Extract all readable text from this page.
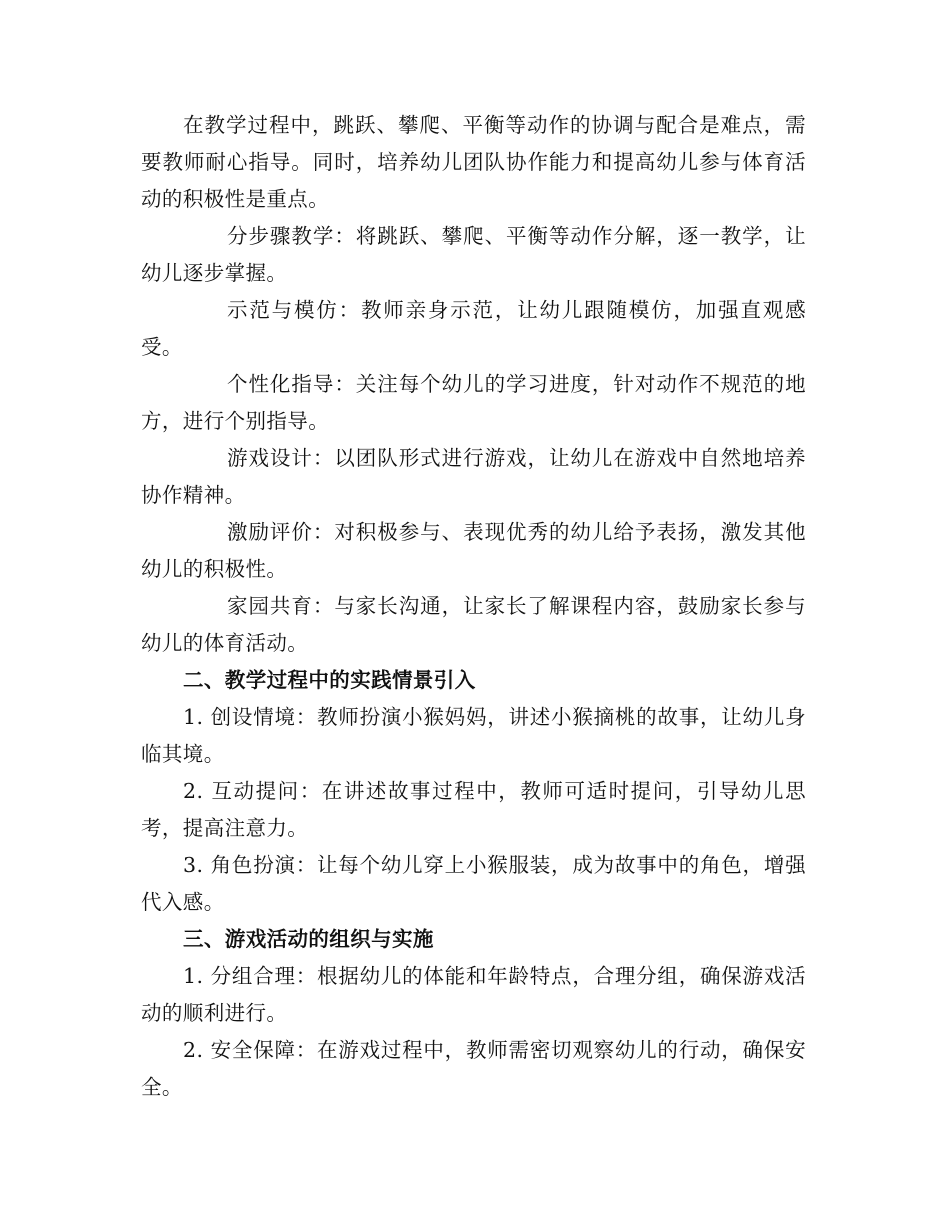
在教学过程中，跳跃、攀爬、平衡等动作的协调与配合是难点，需要教师耐心指导。同时，培养幼儿团队协作能力和提高幼儿参与体育活动的积极性是重点。

分步骤教学：将跳跃、攀爬、平衡等动作分解，逐一教学，让幼儿逐步掌握。

示范与模仿：教师亲身示范，让幼儿跟随模仿，加强直观感受。

个性化指导：关注每个幼儿的学习进度，针对动作不规范的地方，进行个别指导。

游戏设计：以团队形式进行游戏，让幼儿在游戏中自然地培养协作精神。

激励评价：对积极参与、表现优秀的幼儿给予表扬，激发其他幼儿的积极性。

家园共育：与家长沟通，让家长了解课程内容，鼓励家长参与幼儿的体育活动。

二、教学过程中的实践情景引入

1. 创设情境：教师扮演小猴妈妈，讲述小猴摘桃的故事，让幼儿身临其境。

2. 互动提问：在讲述故事过程中，教师可适时提问，引导幼儿思考，提高注意力。

3. 角色扮演：让每个幼儿穿上小猴服装，成为故事中的角色，增强代入感。

三、游戏活动的组织与实施

1. 分组合理：根据幼儿的体能和年龄特点，合理分组，确保游戏活动的顺利进行。

2. 安全保障：在游戏过程中，教师需密切观察幼儿的行动，确保安全。
